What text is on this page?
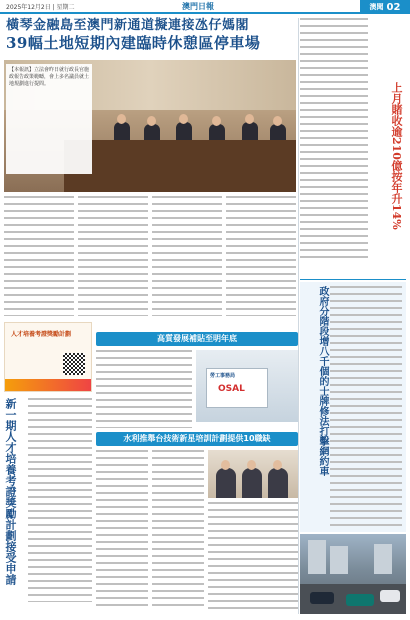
2025年12月2日 | 星期二	澳門日報	澳聞 02
橫琴金融島至澳門新通道擬連接氹仔媽閣
39幅土地短期內建臨時休憩區停車場
【本報訊】立法會昨日就行政長官施政報告政策範疇，會上多名議員就土地規劃進行提問。	上月賭收逾210億按年升14%
人才培養考證獎勵計劃	高質發展補貼至明年底
勞工事務局
OSAL
新一期人才培養考證獎勵計劃接受申請	水利推舉台技術新星培訓計劃提供10職缺	政府分階段增八千個的士牌修法打擊網約車
